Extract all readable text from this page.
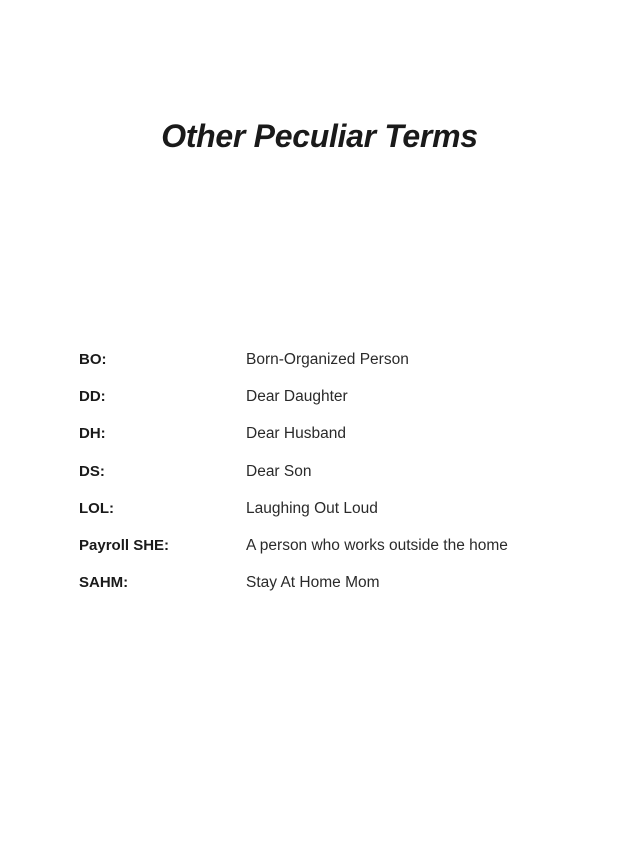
Other Peculiar Terms
BO:	Born-Organized Person
DD:	Dear Daughter
DH:	Dear Husband
DS:	Dear Son
LOL:	Laughing Out Loud
Payroll SHE:	A person who works outside the home
SAHM:	Stay At Home Mom
